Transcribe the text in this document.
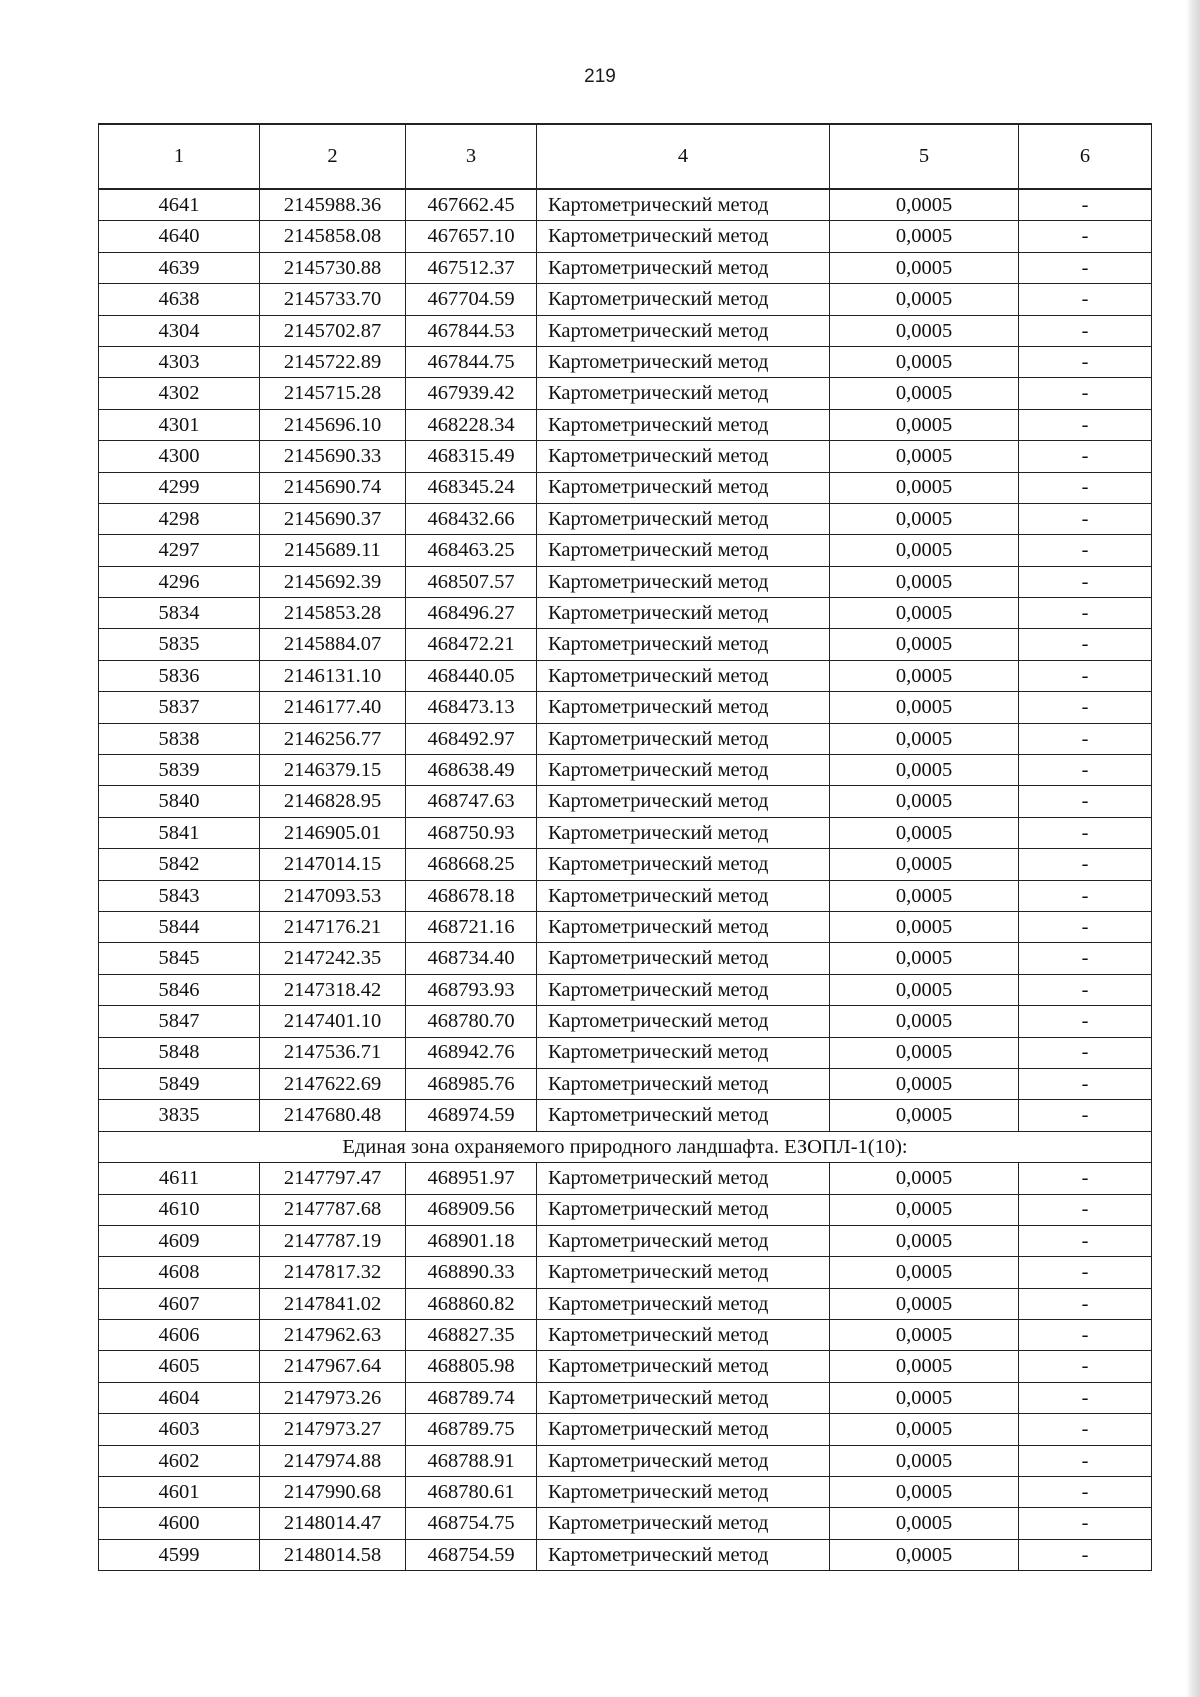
219
1	2	3	4	5	6
4641	2145988.36	467662.45	Картометрический метод	0,0005	-
4640	2145858.08	467657.10	Картометрический метод	0,0005	-
4639	2145730.88	467512.37	Картометрический метод	0,0005	-
4638	2145733.70	467704.59	Картометрический метод	0,0005	-
4304	2145702.87	467844.53	Картометрический метод	0,0005	-
4303	2145722.89	467844.75	Картометрический метод	0,0005	-
4302	2145715.28	467939.42	Картометрический метод	0,0005	-
4301	2145696.10	468228.34	Картометрический метод	0,0005	-
4300	2145690.33	468315.49	Картометрический метод	0,0005	-
4299	2145690.74	468345.24	Картометрический метод	0,0005	-
4298	2145690.37	468432.66	Картометрический метод	0,0005	-
4297	2145689.11	468463.25	Картометрический метод	0,0005	-
4296	2145692.39	468507.57	Картометрический метод	0,0005	-
5834	2145853.28	468496.27	Картометрический метод	0,0005	-
5835	2145884.07	468472.21	Картометрический метод	0,0005	-
5836	2146131.10	468440.05	Картометрический метод	0,0005	-
5837	2146177.40	468473.13	Картометрический метод	0,0005	-
5838	2146256.77	468492.97	Картометрический метод	0,0005	-
5839	2146379.15	468638.49	Картометрический метод	0,0005	-
5840	2146828.95	468747.63	Картометрический метод	0,0005	-
5841	2146905.01	468750.93	Картометрический метод	0,0005	-
5842	2147014.15	468668.25	Картометрический метод	0,0005	-
5843	2147093.53	468678.18	Картометрический метод	0,0005	-
5844	2147176.21	468721.16	Картометрический метод	0,0005	-
5845	2147242.35	468734.40	Картометрический метод	0,0005	-
5846	2147318.42	468793.93	Картометрический метод	0,0005	-
5847	2147401.10	468780.70	Картометрический метод	0,0005	-
5848	2147536.71	468942.76	Картометрический метод	0,0005	-
5849	2147622.69	468985.76	Картометрический метод	0,0005	-
3835	2147680.48	468974.59	Картометрический метод	0,0005	-
Единая зона охраняемого природного ландшафта. ЕЗОПЛ-1(10):					
4611	2147797.47	468951.97	Картометрический метод	0,0005	-
4610	2147787.68	468909.56	Картометрический метод	0,0005	-
4609	2147787.19	468901.18	Картометрический метод	0,0005	-
4608	2147817.32	468890.33	Картометрический метод	0,0005	-
4607	2147841.02	468860.82	Картометрический метод	0,0005	-
4606	2147962.63	468827.35	Картометрический метод	0,0005	-
4605	2147967.64	468805.98	Картометрический метод	0,0005	-
4604	2147973.26	468789.74	Картометрический метод	0,0005	-
4603	2147973.27	468789.75	Картометрический метод	0,0005	-
4602	2147974.88	468788.91	Картометрический метод	0,0005	-
4601	2147990.68	468780.61	Картометрический метод	0,0005	-
4600	2148014.47	468754.75	Картометрический метод	0,0005	-
4599	2148014.58	468754.59	Картометрический метод	0,0005	-
